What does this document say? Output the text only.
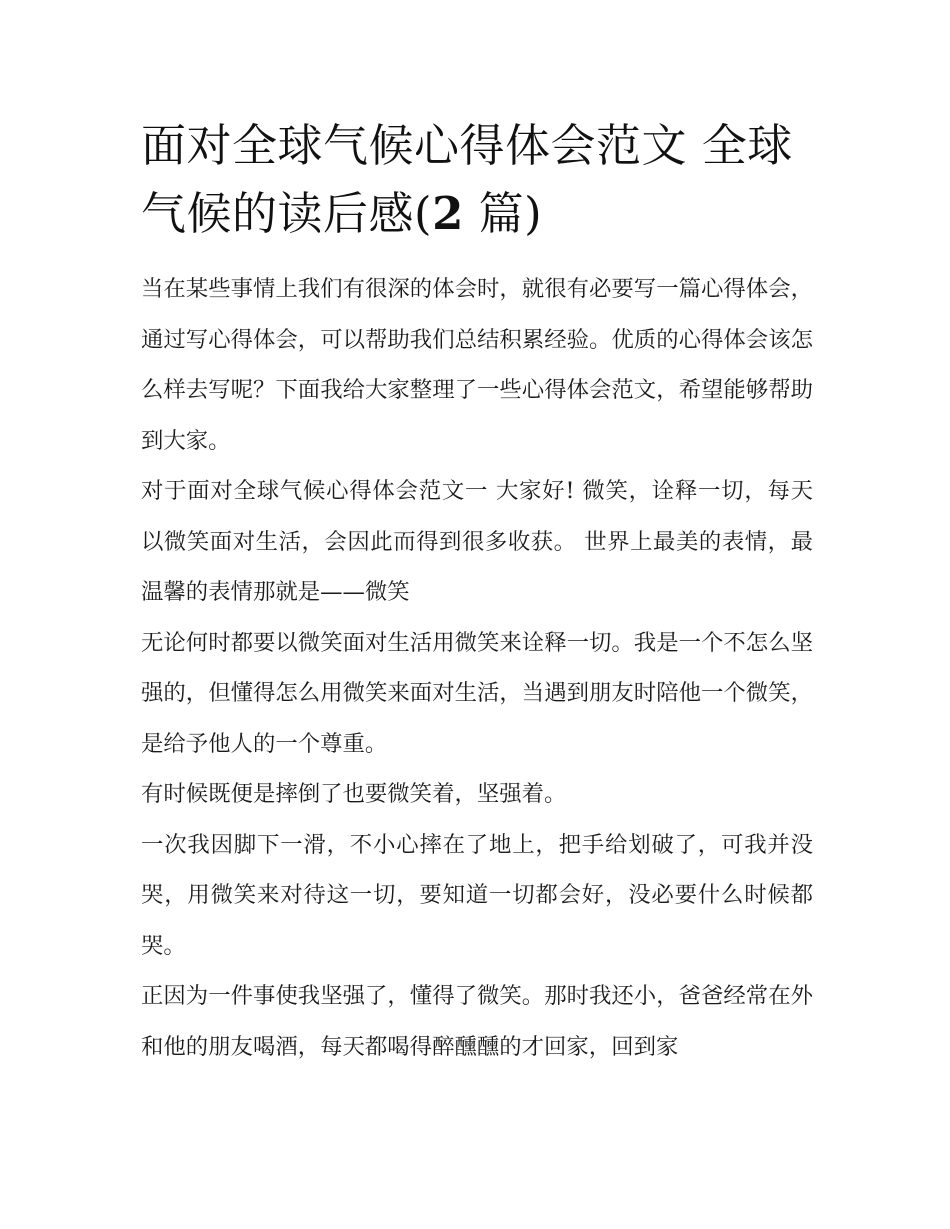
面对全球气候心得体会范文 全球气候的读后感(2 篇)

当在某些事情上我们有很深的体会时，就很有必要写一篇心得体会，通过写心得体会，可以帮助我们总结积累经验。优质的心得体会该怎么样去写呢？下面我给大家整理了一些心得体会范文，希望能够帮助到大家。

对于面对全球气候心得体会范文一 大家好! 微笑，诠释一切，每天以微笑面对生活，会因此而得到很多收获。 世界上最美的表情，最温馨的表情那就是——微笑

无论何时都要以微笑面对生活用微笑来诠释一切。我是一个不怎么坚强的，但懂得怎么用微笑来面对生活，当遇到朋友时陪他一个微笑，是给予他人的一个尊重。

有时候既便是摔倒了也要微笑着，坚强着。

一次我因脚下一滑，不小心摔在了地上，把手给划破了，可我并没哭，用微笑来对待这一切，要知道一切都会好，没必要什么时候都哭。

正因为一件事使我坚强了，懂得了微笑。那时我还小，爸爸经常在外和他的朋友喝酒，每天都喝得醉醺醺的才回家，回到家
